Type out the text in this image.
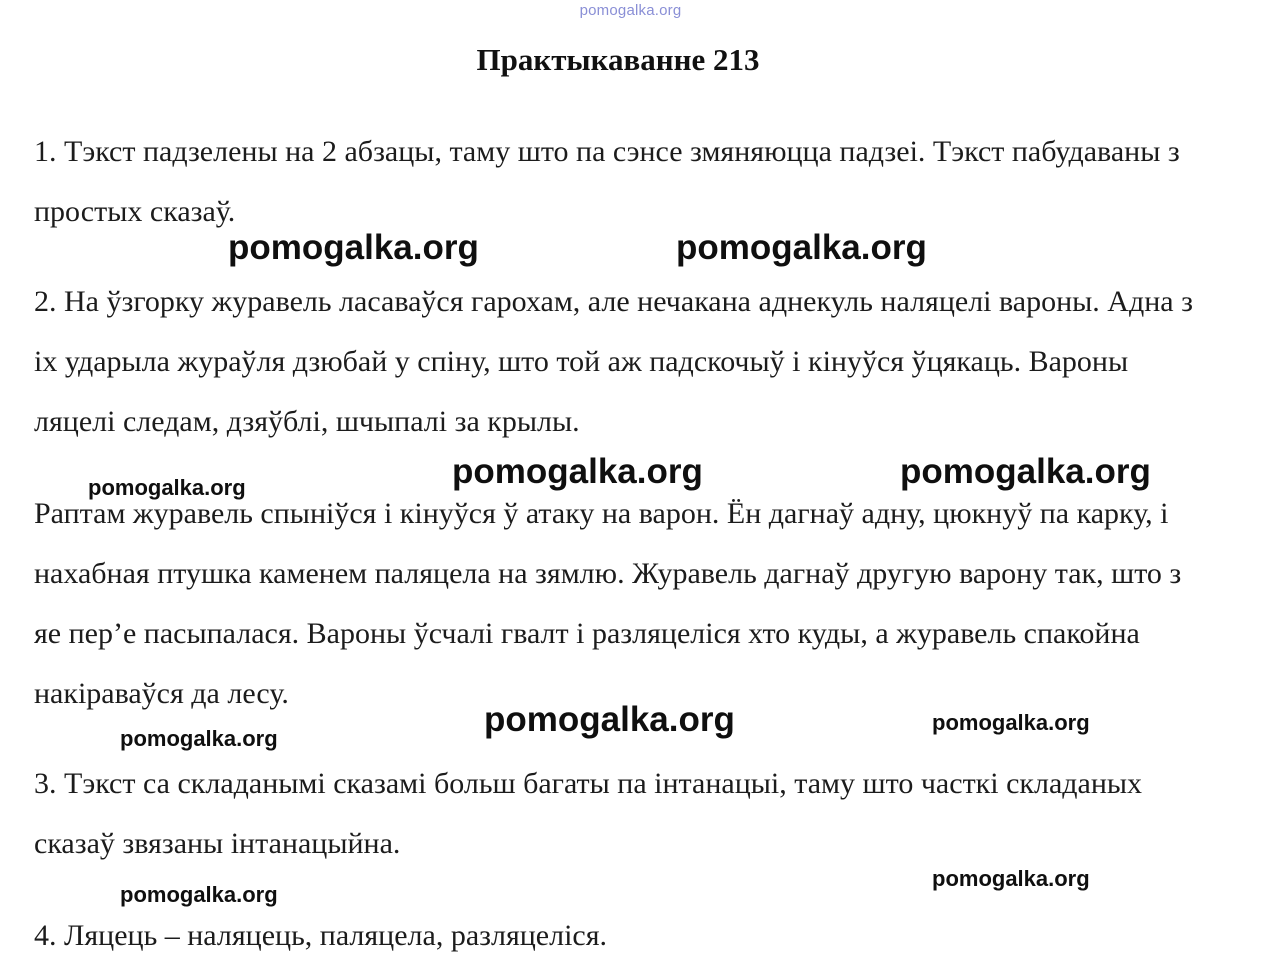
pomogalka.org
Практыкаванне 213

1. Тэкст падзелены на 2 абзацы, таму што па сэнсе змяняюцца падзеі. Тэкст пабудаваны з простых сказаў.

2. На ўзгорку журавель ласаваўся гарохам, але нечакана аднекуль наляцелі вароны. Адна з іх ударыла жураўля дзюбай у спіну, што той аж падскочыў і кінуўся ўцякаць. Вароны ляцелі следам, дзяўблі, шчыпалі за крылы.

Раптам журавель спыніўся і кінуўся ў атаку на варон. Ён дагнаў адну, цюкнуў па карку, і нахабная птушка каменем паляцела на зямлю. Журавель дагнаў другую варону так, што з яе пер’е пасыпалася. Вароны ўсчалі гвалт і разляцеліся хто куды, а журавель спакойна накіраваўся да лесу.

3. Тэкст са складанымі сказамі больш багаты па інтанацыі, таму што часткі складаных сказаў звязаны інтанацыйна.

4. Ляцець – наляцець, паляцела, разляцеліся.

pomogalka.org	pomogalka.org
pomogalka.org	pomogalka.org
pomogalka.org
pomogalka.org	pomogalka.org
pomogalka.org
pomogalka.org
pomogalka.org
